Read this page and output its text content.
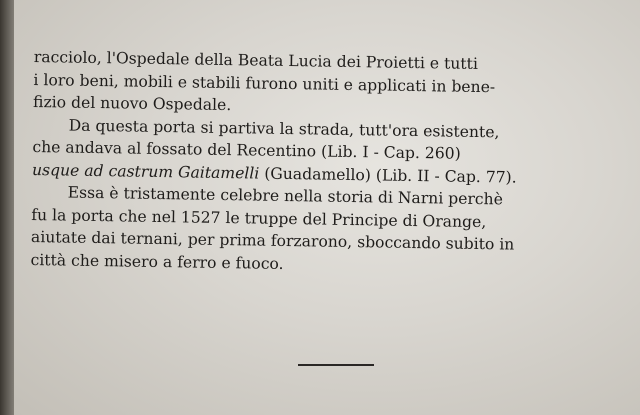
racciolo, l'Ospedale della Beata Lucia dei Proietti e tutti
i loro beni, mobili e stabili furono uniti e applicati in bene-
fizio del nuovo Ospedale.
Da questa porta si partiva la strada, tutt'ora esistente,
che andava al fossato del Recentino (Lib. I - Cap. 260)
usque ad castrum Gaitamelli (Guadamello) (Lib. II - Cap. 77).
Essa è tristamente celebre nella storia di Narni perchè
fu la porta che nel 1527 le truppe del Principe di Orange,
aiutate dai ternani, per prima forzarono, sboccando subito in
città che misero a ferro e fuoco.
